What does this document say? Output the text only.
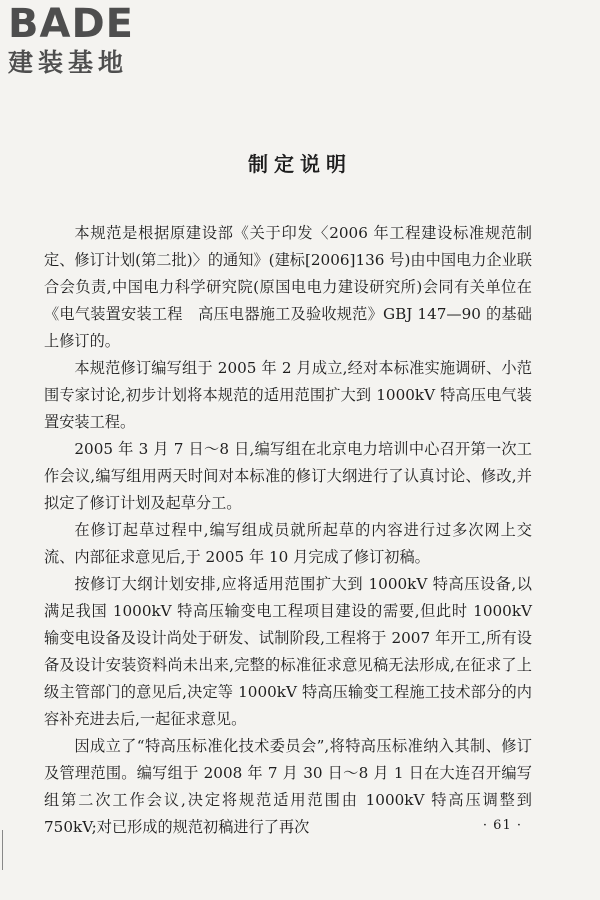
BADE
建装基地
制定说明

本规范是根据原建设部《关于印发〈2006 年工程建设标准规范制定、修订计划(第二批)〉的通知》(建标[2006]136 号)由中国电力企业联合会负责,中国电力科学研究院(原国电电力建设研究所)会同有关单位在《电气装置安装工程　高压电器施工及验收规范》GBJ 147—90 的基础上修订的。

本规范修订编写组于 2005 年 2 月成立,经对本标准实施调研、小范围专家讨论,初步计划将本规范的适用范围扩大到 1000kV 特高压电气装置安装工程。

2005 年 3 月 7 日～8 日,编写组在北京电力培训中心召开第一次工作会议,编写组用两天时间对本标准的修订大纲进行了认真讨论、修改,并拟定了修订计划及起草分工。

在修订起草过程中,编写组成员就所起草的内容进行过多次网上交流、内部征求意见后,于 2005 年 10 月完成了修订初稿。

按修订大纲计划安排,应将适用范围扩大到 1000kV 特高压设备,以满足我国 1000kV 特高压输变电工程项目建设的需要,但此时 1000kV 输变电设备及设计尚处于研发、试制阶段,工程将于 2007 年开工,所有设备及设计安装资料尚未出来,完整的标准征求意见稿无法形成,在征求了上级主管部门的意见后,决定等 1000kV 特高压输变工程施工技术部分的内容补充进去后,一起征求意见。

因成立了“特高压标准化技术委员会”,将特高压标准纳入其制、修订及管理范围。编写组于 2008 年 7 月 30 日～8 月 1 日在大连召开编写组第二次工作会议,决定将规范适用范围由 1000kV 特高压调整到 750kV;对已形成的规范初稿进行了再次	· 61 ·
